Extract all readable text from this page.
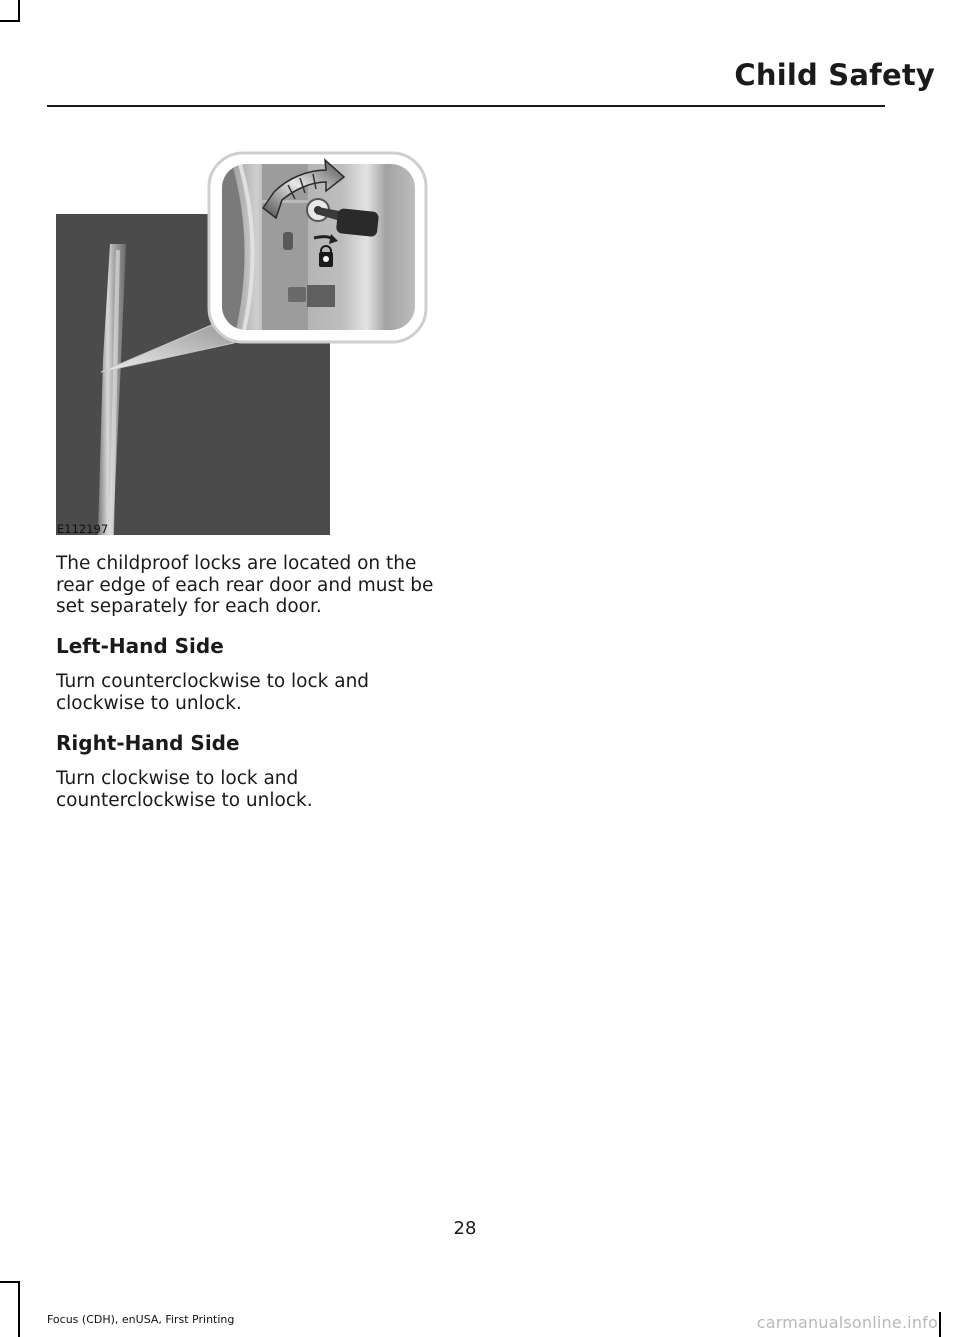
Child Safety
E112197
The childproof locks are located on the rear edge of each rear door and must be set separately for each door.
Left-Hand Side
Turn counterclockwise to lock and clockwise to unlock.
Right-Hand Side
Turn clockwise to lock and counterclockwise to unlock.
28
Focus (CDH), enUSA, First Printing	carmanualsonline.info
